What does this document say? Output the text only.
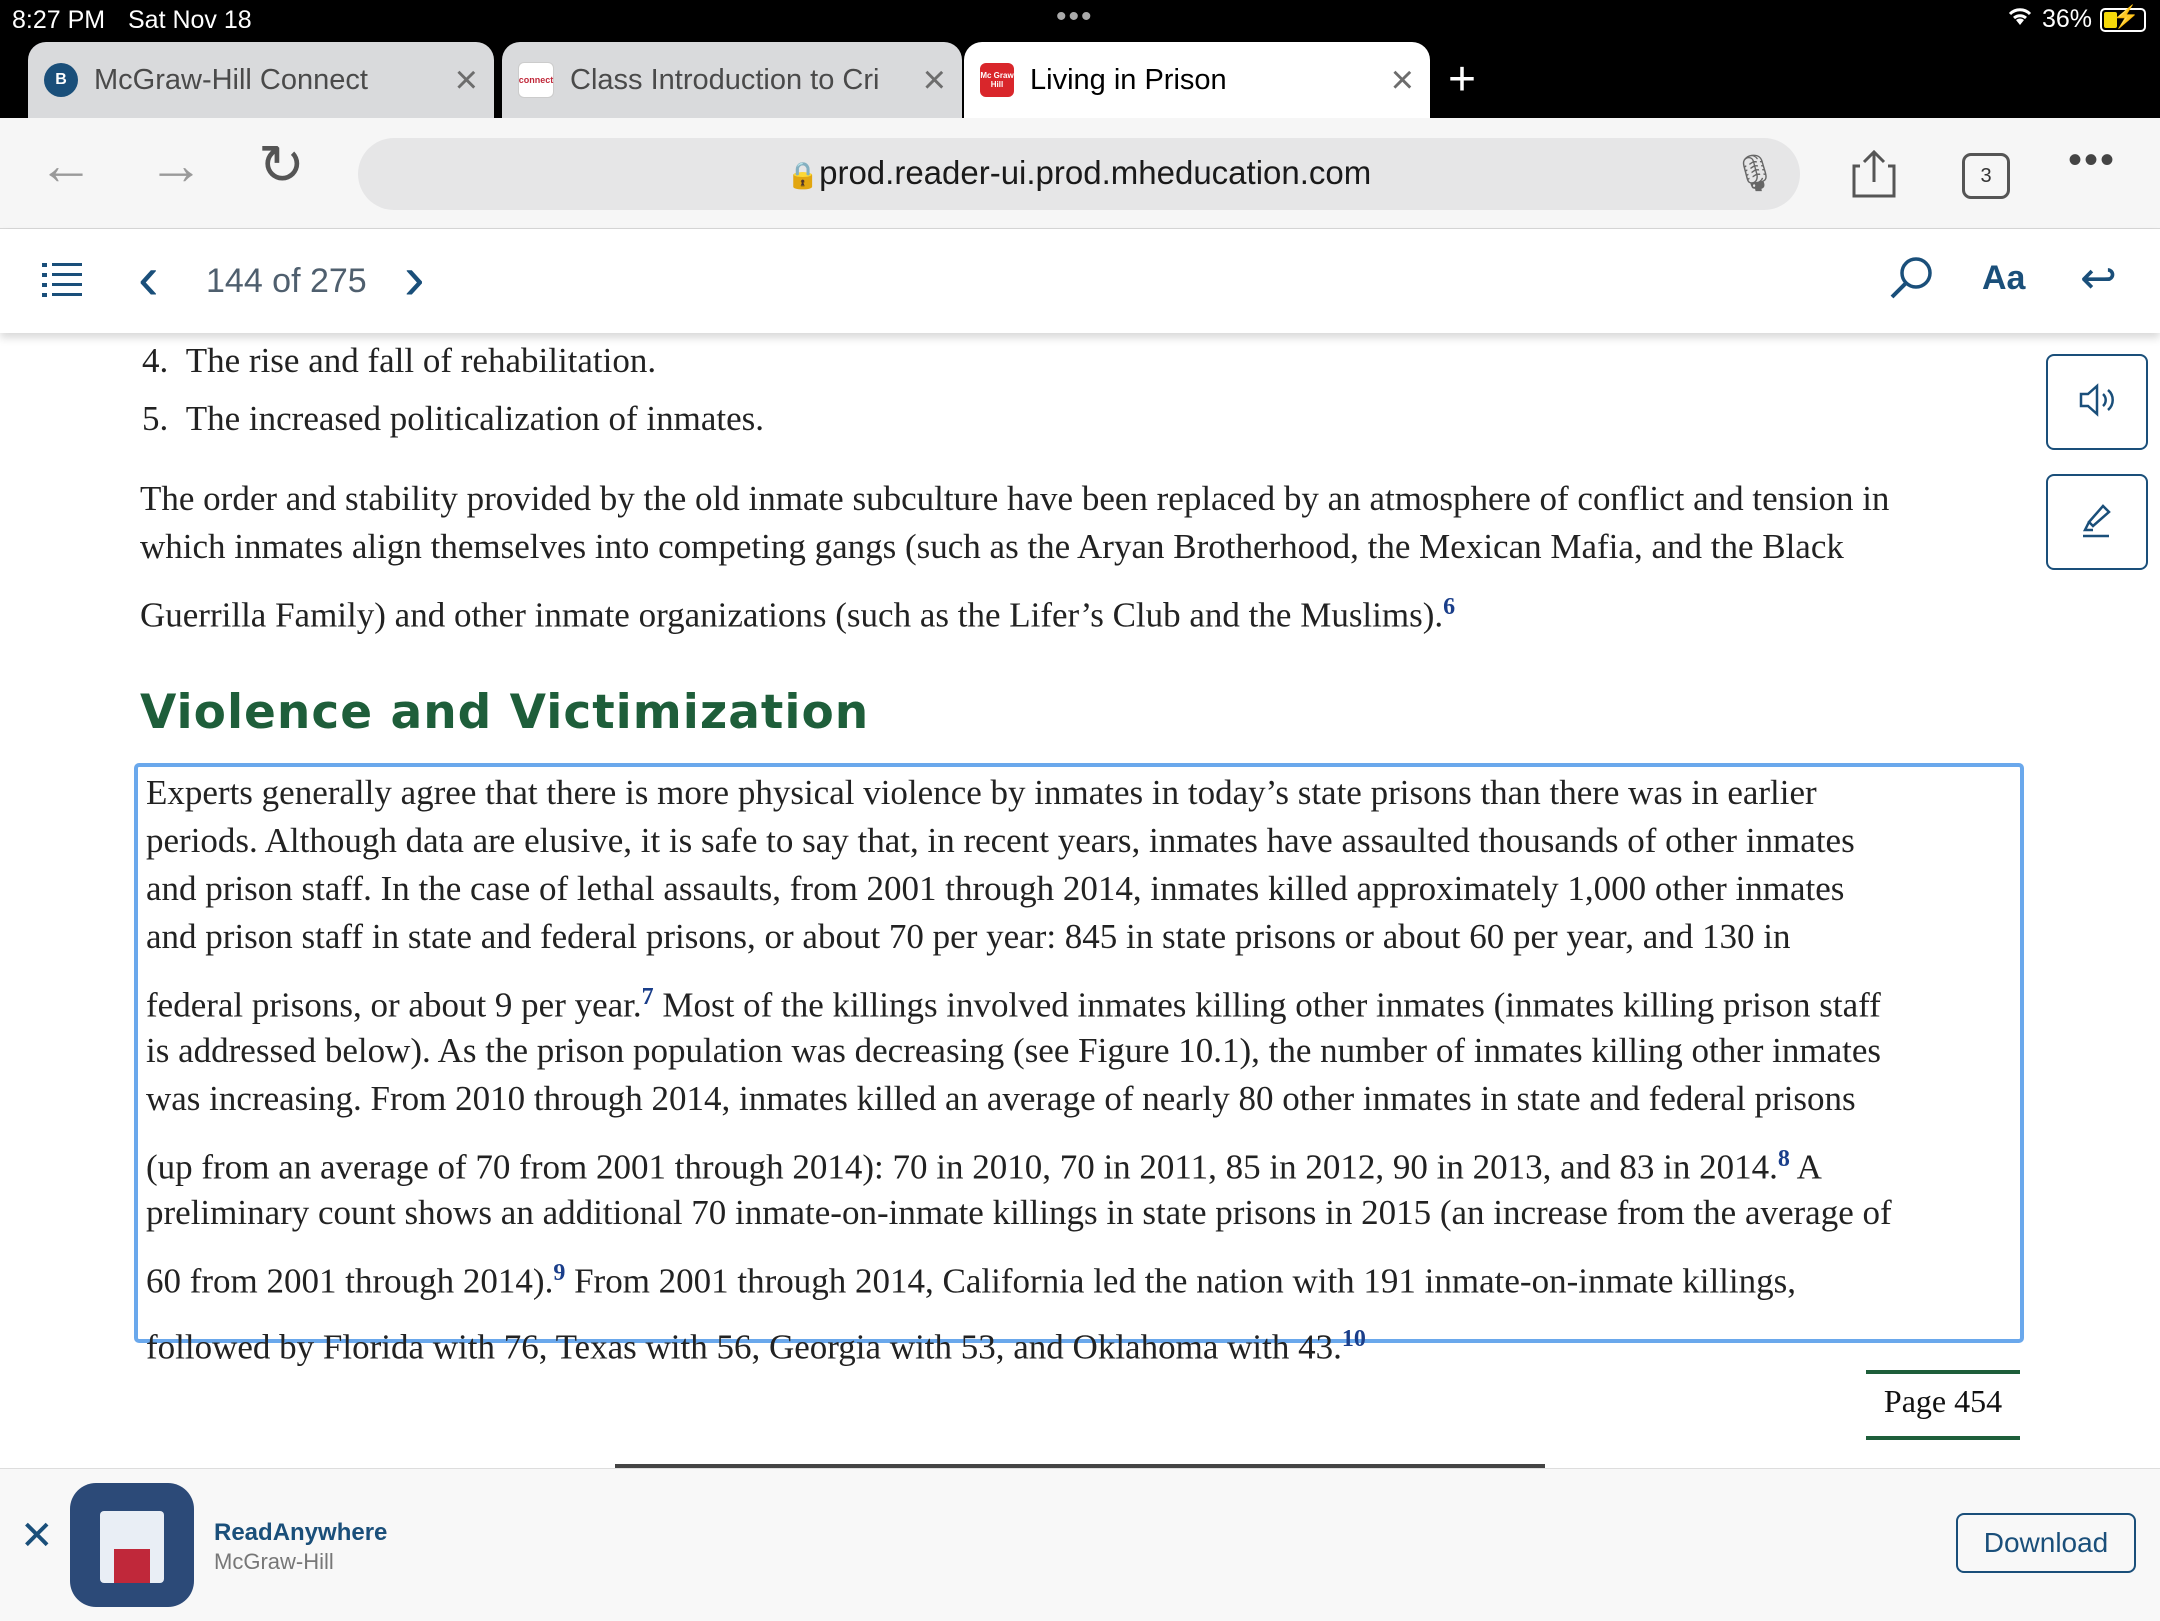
8:27 PM Sat Nov 18	•••	36% ⚡
B McGraw-Hill Connect	×	connect Class Introduction to Cri	×	Mc Graw Hill Living in Prison	× +
← → ↻	🔒prod.reader-ui.prod.mheducation.com	🎙	3	•••
‹ 144 of 275 ›	Aa ↩
4.  The rise and fall of rehabilitation.
5.  The increased politicalization of inmates.
The order and stability provided by the old inmate subculture have been replaced by an atmosphere of conflict and tension in
which inmates align themselves into competing gangs (such as the Aryan Brotherhood, the Mexican Mafia, and the Black
Guerrilla Family) and other inmate organizations (such as the Lifer’s Club and the Muslims).$^6$
Violence and Victimization
Experts generally agree that there is more physical violence by inmates in today’s state prisons than there was in earlier
periods. Although data are elusive, it is safe to say that, in recent years, inmates have assaulted thousands of other inmates
and prison staff. In the case of lethal assaults, from 2001 through 2014, inmates killed approximately 1,000 other inmates
and prison staff in state and federal prisons, or about 70 per year: 845 in state prisons or about 60 per year, and 130 in
federal prisons, or about 9 per year.$^7$ Most of the killings involved inmates killing other inmates (inmates killing prison staff
is addressed below). As the prison population was decreasing (see Figure 10.1), the number of inmates killing other inmates
was increasing. From 2010 through 2014, inmates killed an average of nearly 80 other inmates in state and federal prisons
(up from an average of 70 from 2001 through 2014): 70 in 2010, 70 in 2011, 85 in 2012, 90 in 2013, and 83 in 2014.$^8$ A
preliminary count shows an additional 70 inmate-on-inmate killings in state prisons in 2015 (an increase from the average of
60 from 2001 through 2014).$^9$ From 2001 through 2014, California led the nation with 191 inmate-on-inmate killings,
followed by Florida with 76, Texas with 56, Georgia with 53, and Oklahoma with 43.10
Page 454
✕	ReadAnywhere
McGraw-Hill
Download
